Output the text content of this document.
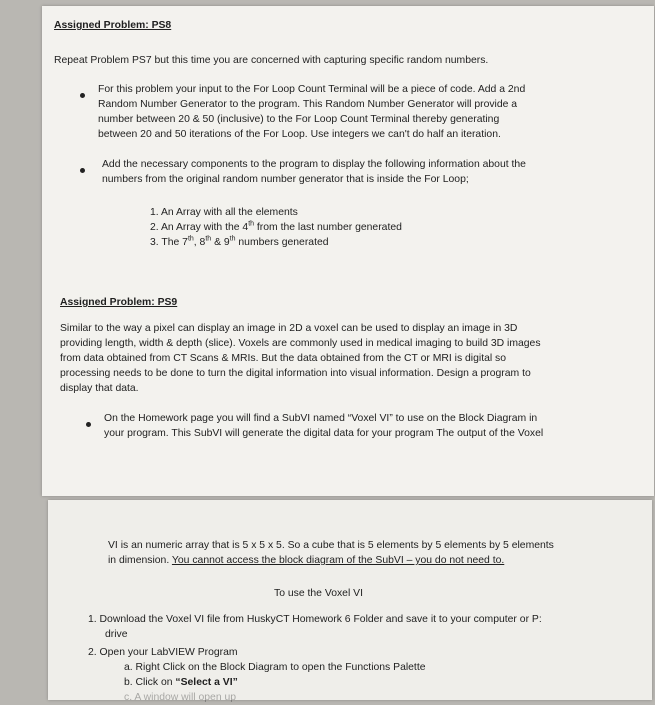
Assigned Problem: PS8
Repeat Problem PS7 but this time you are concerned with capturing specific random numbers.
For this problem your input to the For Loop Count Terminal will be a piece of code. Add a 2nd
Random Number Generator to the program. This Random Number Generator will provide a
number between 20 & 50 (inclusive) to the For Loop Count Terminal thereby generating
between 20 and 50 iterations of the For Loop. Use integers we can't do half an iteration.
Add the necessary components to the program to display the following information about the
numbers from the original random number generator that is inside the For Loop;
1. An Array with all the elements
2. An Array with the 4th from the last number generated
3. The 7th, 8th & 9th numbers generated
Assigned Problem: PS9
Similar to the way a pixel can display an image in 2D a voxel can be used to display an image in 3D
providing length, width & depth (slice). Voxels are commonly used in medical imaging to build 3D images
from data obtained from CT Scans & MRIs. But the data obtained from the CT or MRI is digital so
processing needs to be done to turn the digital information into visual information. Design a program to
display that data.
On the Homework page you will find a SubVI named “Voxel VI” to use on the Block Diagram in
your program. This SubVI will generate the digital data for your program The output of the Voxel
VI is an numeric array that is 5 x 5 x 5. So a cube that is 5 elements by 5 elements by 5 elements
in dimension. You cannot access the block diagram of the SubVI – you do not need to.
To use the Voxel VI
1. Download the Voxel VI file from HuskyCT Homework 6 Folder and save it to your computer or P:
drive
2. Open your LabVIEW Program
a. Right Click on the Block Diagram to open the Functions Palette
b. Click on “Select a VI”
c. A window will open up
